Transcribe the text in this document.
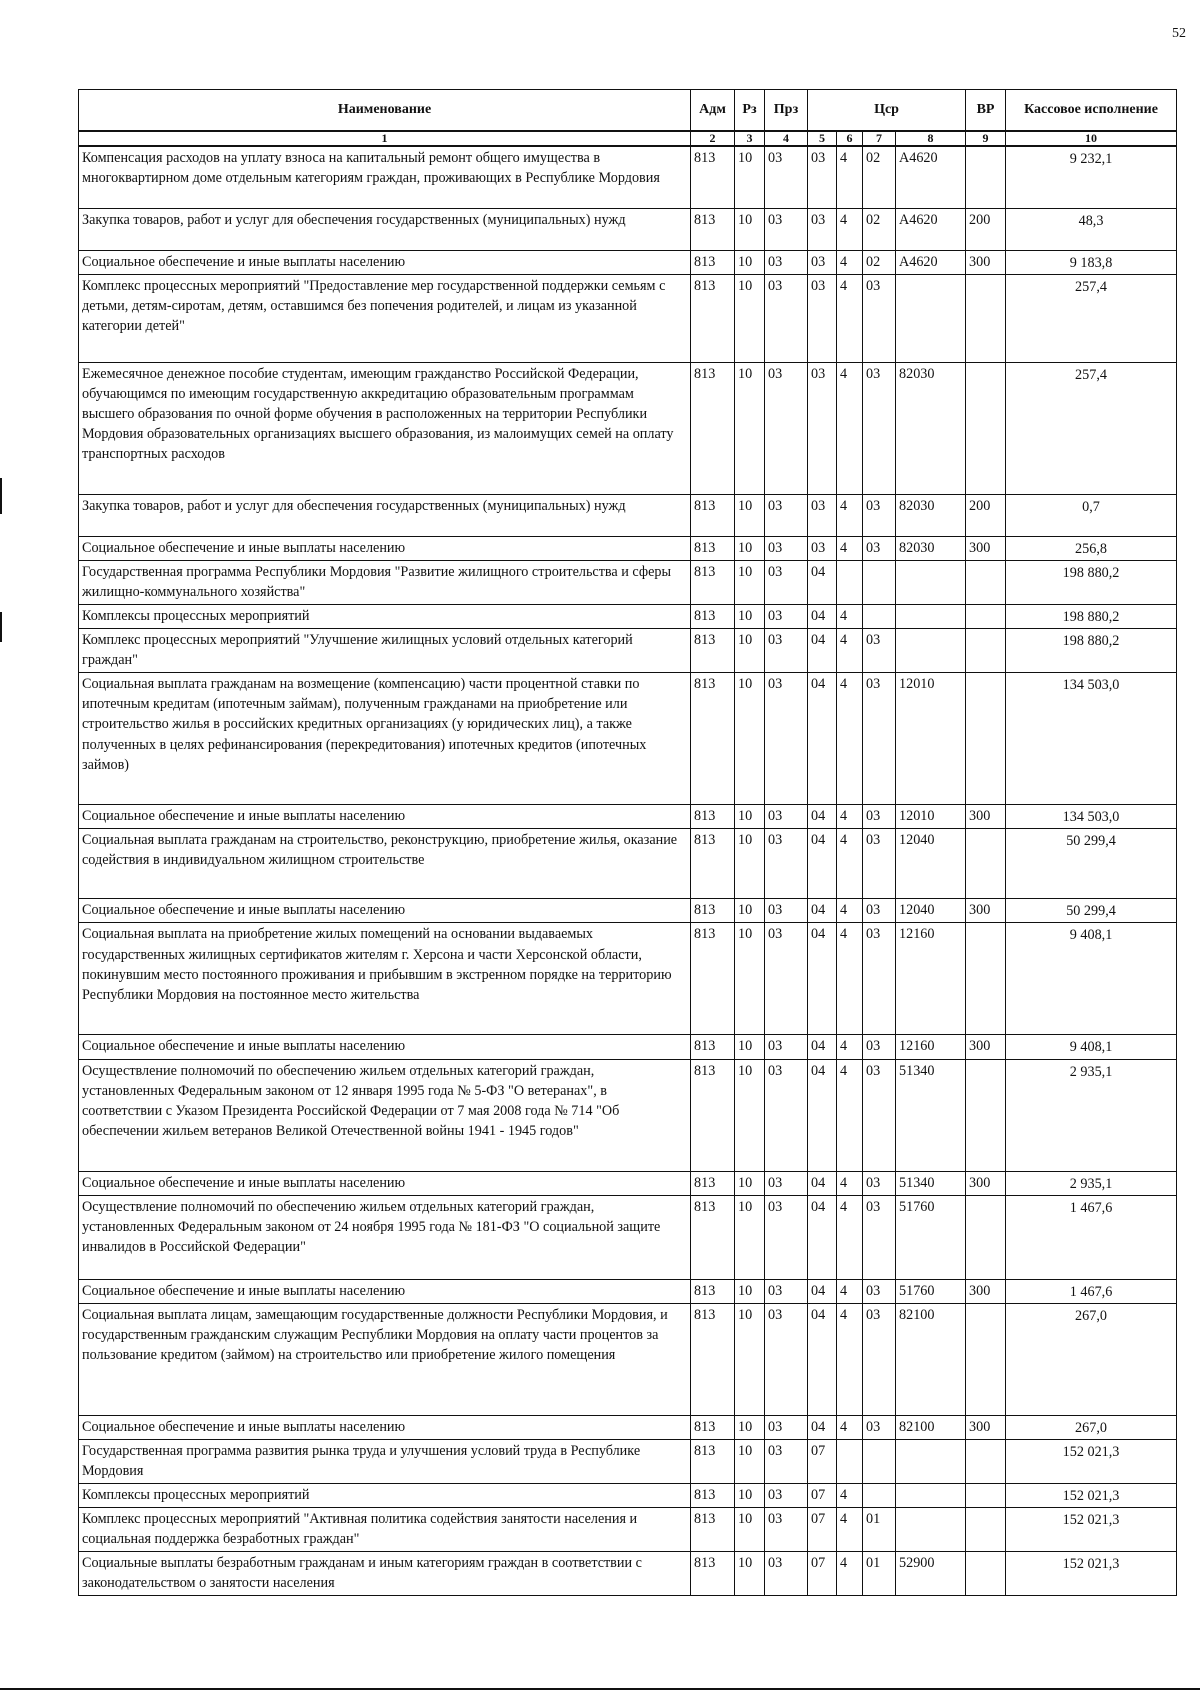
52
Наименование	Адм	Рз	Прз	Цср				ВР	Кассовое исполнение
1	2	3	4	5	6	7	8	9	10
Компенсация расходов на уплату взноса на капитальный ремонт общего имущества в многоквартирном доме отдельным категориям граждан, проживающих в Республике Мордовия	813	10	03	03	4	02	А4620		9 232,1
Закупка товаров, работ и услуг для обеспечения государственных (муниципальных) нужд	813	10	03	03	4	02	А4620	200	48,3
Социальное обеспечение и иные выплаты населению	813	10	03	03	4	02	А4620	300	9 183,8
Комплекс процессных мероприятий "Предоставление мер государственной поддержки семьям с детьми, детям-сиротам, детям, оставшимся без попечения родителей, и лицам из указанной категории детей"	813	10	03	03	4	03			257,4
Ежемесячное денежное пособие студентам, имеющим гражданство Российской Федерации, обучающимся по имеющим государственную аккредитацию образовательным программам высшего образования по очной форме обучения в расположенных на территории Республики Мордовия образовательных организациях высшего образования, из малоимущих семей на оплату транспортных расходов	813	10	03	03	4	03	82030		257,4
Закупка товаров, работ и услуг для обеспечения государственных (муниципальных) нужд	813	10	03	03	4	03	82030	200	0,7
Социальное обеспечение и иные выплаты населению	813	10	03	03	4	03	82030	300	256,8
Государственная программа Республики Мордовия "Развитие жилищного строительства и сферы жилищно-коммунального хозяйства"	813	10	03	04					198 880,2
Комплексы процессных мероприятий	813	10	03	04	4				198 880,2
Комплекс процессных мероприятий "Улучшение жилищных условий отдельных категорий граждан"	813	10	03	04	4	03			198 880,2
Социальная выплата гражданам на возмещение (компенсацию) части процентной ставки по ипотечным кредитам (ипотечным займам), полученным гражданами на приобретение или строительство жилья в российских кредитных организациях (у юридических лиц), а также полученных в целях рефинансирования (перекредитования) ипотечных кредитов (ипотечных займов)	813	10	03	04	4	03	12010		134 503,0
Социальное обеспечение и иные выплаты населению	813	10	03	04	4	03	12010	300	134 503,0
Социальная выплата гражданам на строительство, реконструкцию, приобретение жилья, оказание содействия в индивидуальном жилищном строительстве	813	10	03	04	4	03	12040		50 299,4
Социальное обеспечение и иные выплаты населению	813	10	03	04	4	03	12040	300	50 299,4
Социальная выплата на приобретение жилых помещений на основании выдаваемых государственных жилищных сертификатов жителям г. Херсона и части Херсонской области, покинувшим место постоянного проживания и прибывшим в экстренном порядке на территорию Республики Мордовия на постоянное место жительства	813	10	03	04	4	03	12160		9 408,1
Социальное обеспечение и иные выплаты населению	813	10	03	04	4	03	12160	300	9 408,1
Осуществление полномочий по обеспечению жильем отдельных категорий граждан, установленных Федеральным законом от 12 января 1995 года № 5-ФЗ "О ветеранах", в соответствии с Указом Президента Российской Федерации от 7 мая 2008 года № 714 "Об обеспечении жильем ветеранов Великой Отечественной войны 1941 - 1945 годов"	813	10	03	04	4	03	51340		2 935,1
Социальное обеспечение и иные выплаты населению	813	10	03	04	4	03	51340	300	2 935,1
Осуществление полномочий по обеспечению жильем отдельных категорий граждан, установленных Федеральным законом от 24 ноября 1995 года № 181-ФЗ "О социальной защите инвалидов в Российской Федерации"	813	10	03	04	4	03	51760		1 467,6
Социальное обеспечение и иные выплаты населению	813	10	03	04	4	03	51760	300	1 467,6
Социальная выплата лицам, замещающим государственные должности Республики Мордовия, и государственным гражданским служащим Республики Мордовия на оплату части процентов за пользование кредитом (займом) на строительство или приобретение жилого помещения	813	10	03	04	4	03	82100		267,0
Социальное обеспечение и иные выплаты населению	813	10	03	04	4	03	82100	300	267,0
Государственная программа развития рынка труда и улучшения условий труда в Республике Мордовия	813	10	03	07					152 021,3
Комплексы процессных мероприятий	813	10	03	07	4				152 021,3
Комплекс процессных мероприятий "Активная политика содействия занятости населения и социальная поддержка безработных граждан"	813	10	03	07	4	01			152 021,3
Социальные выплаты безработным гражданам и иным категориям граждан в соответствии с законодательством о занятости населения	813	10	03	07	4	01	52900		152 021,3
